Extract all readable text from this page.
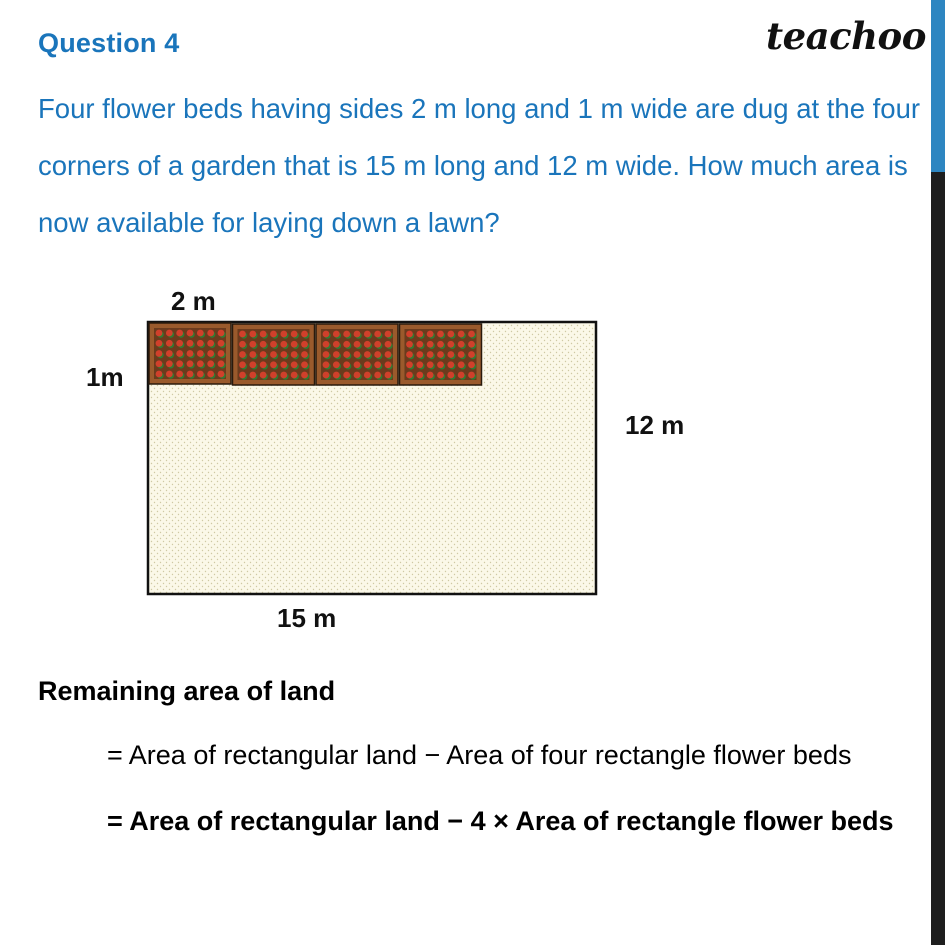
Question 4	teachoo
Four flower beds having sides 2 m long and 1 m wide are dug at the four corners of a garden that is 15 m long and 12 m wide. How much area is now available for laying down a lawn?
2 m
1m
12 m
15 m
Remaining area of land
= Area of rectangular land − Area of four rectangle flower beds
= Area of rectangular land − 4 × Area of rectangle flower beds
